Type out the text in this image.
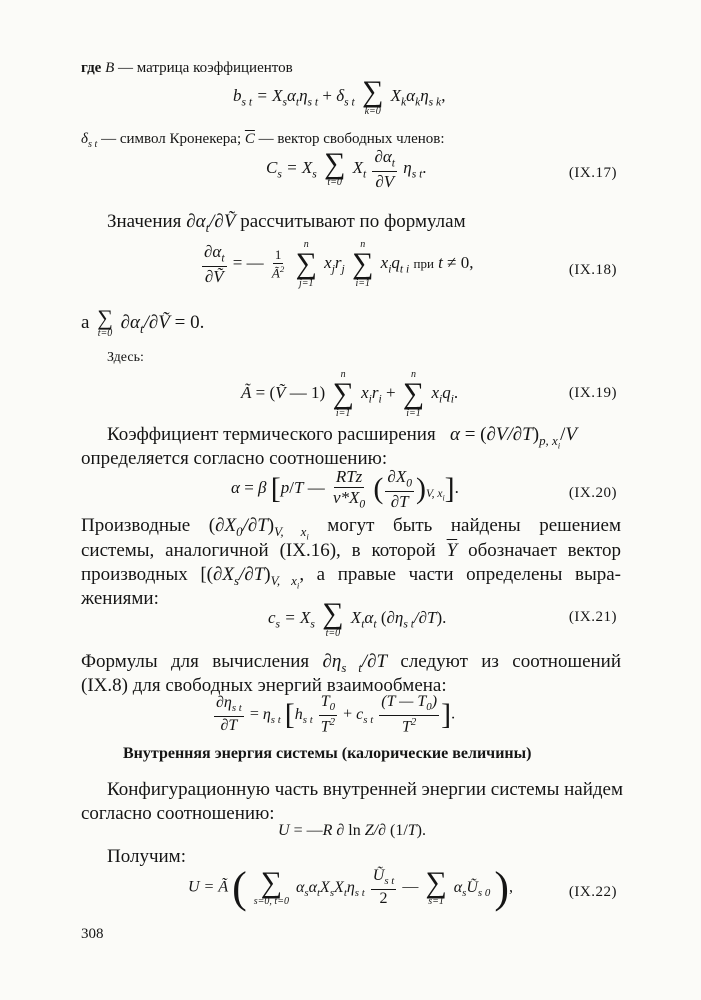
где B — матрица коэффициентов
$b_{s t} = X_s\alpha_t\eta_{s t} + \delta_{s t}$ ∑
k=0
$X_k\alpha_k\eta_{s k}$,
$\delta_{s t}$ — символ Кронекера; $\overline{C}$ — вектор свободных членов:
$C_s = X_s$ ∑
t=0
$X_t \frac{\partial\alpha_t}{\partial V} \eta_{s t}$.	(IX.17)
Значения $\partial\alpha_t/\partial Ṽ$ рассчитывают по формулам
$\frac{\partial\alpha_t}{\text{∂Ṽ}}$ = — $\frac{1}{Ã^2}$

n
∑
j=1
$x_jr_j$
n
∑
i=1
$x_iq_{t i}$ при t ≠ 0,	(IX.18)
а ∑
t=0
$\partial\alpha_t/\partial Ṽ = 0$.
Здесь:
Ã = (Ṽ — 1)
n
∑
i=1
$x_ir_i$ +
n
∑
i=1
$x_iq_i$.	(IX.19)
Коэффициент термического расширения $\alpha = (\partial V/\partial T)_{p, x_i}/V$
определяется согласно соотношению:
α = β [p/T — $\frac{\text{RTz}}{v*X_0}$ ( $\frac{\partial X_0}{\partial T} )_{V, x_i}$].	(IX.20)
Производные $(\partial X_0/\partial T)_{V, x_i}$ могут быть найдены решением
системы, аналогичной (IX.16), в которой $\overline{Y}$ обозначает вектор
производных [$(\partial X_s/\partial T)_{V, x_i}$, а правые части определены выра-
жениями:
$c_s = X_s$ ∑
t=0
$X_t\alpha_t$ $(\partial\eta_{s t}/\partial T)$.	(IX.21)
Формулы для вычисления $\partial\eta_{s t}/\partial T$ следуют из соотношений
(IX.8) для свободных энергий взаимообмена:
$\frac{\partial\eta_{s t}}{\partial T} = \eta_{s t}$ [$h_{s t} \frac{T_0}{T^2} + c_{s t} \frac{(T — T_0)}{T^2}$ ].
Внутренняя энергия системы (калорические величины)
Конфигурационную часть внутренней энергии системы найдем
согласно соотношению:
U = —R ∂ ln Z/∂ (1/T).
Получим:
U = Ã ( ∑
s=0, t=0
$\alpha_s\alpha_tX_sX_t\eta_{s t} \frac{Ũ_{s t}}{2}$ — ∑
s=1
$\alpha_sŨ_{s 0}$ ),	(IX.22)
308
